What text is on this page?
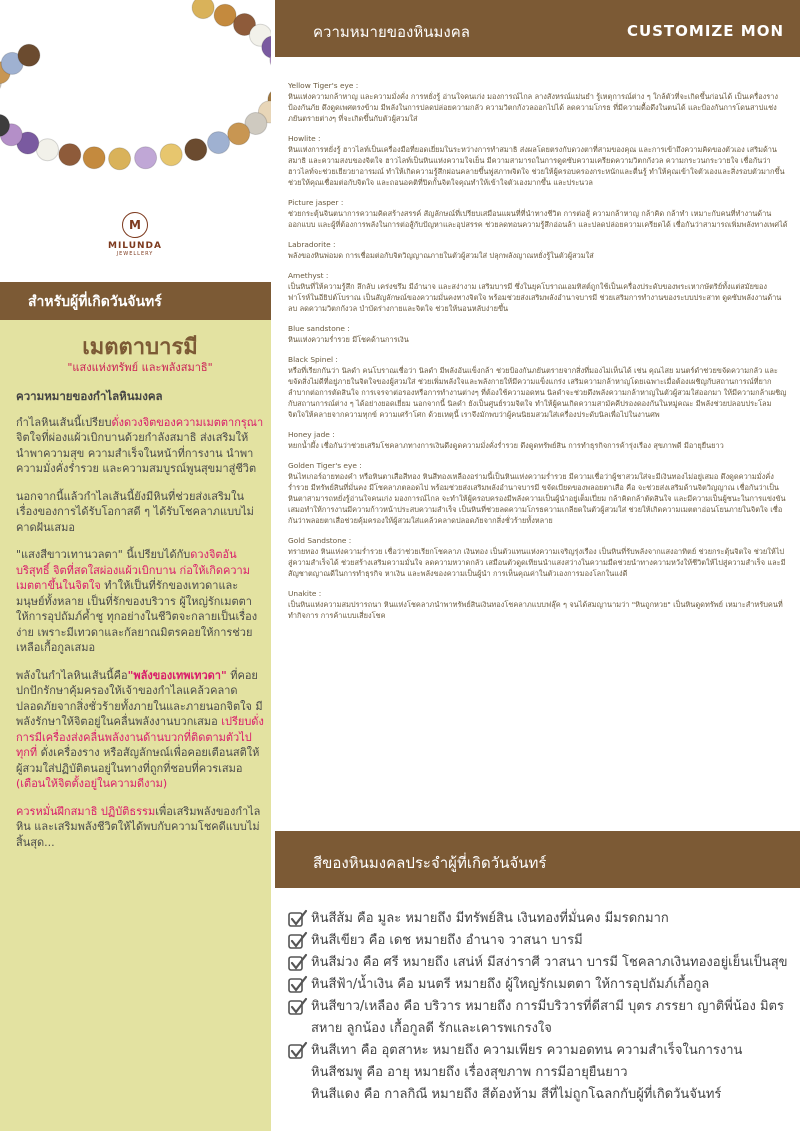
M
MILUNDA
JEWELLERY
ความหมายของหินมงคล	CUSTOMIZE MON
สำหรับผู้ที่เกิดวันจันทร์
เมตตาบารมี
"แสงแห่งทรัพย์ และพลังสมาธิ"
ความหมายของกำไลหินมงคล
กำไลหินเส้นนี้เปรียบดั่งดวงจิตของความเมตตากรุณา จิตใจที่ผ่องแผ้วเบิกบานด้วยกำลังสมาธิ ส่งเสริมให้นำพาความสุข ความสำเร็จในหน้าที่การงาน นำพาความมั่งคั่งร่ำรวย และความสมบูรณ์พูนสุขมาสู่ชีวิต
นอกจากนี้แล้วกำไลเส้นนี้ยังมีหินที่ช่วยส่งเสริมในเรื่องของการได้รับโอกาสดี ๆ ได้รับโชคลาภแบบไม่คาดฝันเสมอ
"แสงสีขาวเทานวลตา" นี้เปรียบได้กับดวงจิตอันบริสุทธิ์ จิตที่สดใสผ่องแผ้วเบิกบาน ก่อให้เกิดความเมตตาขึ้นในจิตใจ ทำให้เป็นที่รักของเทวดาและมนุษย์ทั้งหลาย เป็นที่รักของบริวาร ผู้ใหญ่รักเมตตา ให้การอุปถัมภ์ค้ำชู ทุกอย่างในชีวิตจะกลายเป็นเรื่องง่าย เพราะมีเทวดาและกัลยาณมิตรคอยให้การช่วยเหลือเกื้อกูลเสมอ
พลังในกำไลหินเส้นนี้คือ"พลังของเทพเทวดา" ที่คอยปกปักรักษาคุ้มครองให้เจ้าของกำไลแคล้วคลาดปลอดภัยจากสิ่งชั่วร้ายทั้งภายในและภายนอกจิตใจ มีพลังรักษาให้จิตอยู่ในคลื่นพลังงานบวกเสมอ เปรียบดั่งการมีเครื่องส่งคลื่นพลังงานด้านบวกที่ติดตามตัวไปทุกที่ ดั่งเครื่องราง หรือสัญลักษณ์เพื่อคอยเตือนสติให้ผู้สวมใส่ปฏิบัติตนอยู่ในทางที่ถูกที่ชอบที่ควรเสมอ
(เตือนให้จิตตั้งอยู่ในความดีงาม)
ควรหมั่นฝึกสมาธิ ปฏิบัติธรรมเพื่อเสริมพลังของกำไลหิน และเสริมพลังชีวิตให้ได้พบกับความโชคดีแบบไม่สิ้นสุด...
Yellow Tiger's eye :
หินแห่งความกล้าหาญ และความมั่งคั่ง การหยั่งรู้ อ่านใจคนเก่ง มองการณ์ไกล ลางสังหรณ์แม่นยำ รู้เหตุการณ์ต่าง ๆ ใกล้ตัวที่จะเกิดขึ้นก่อนได้ เป็นเครื่องรางป้องกันภัย ดึงดูดเพศตรงข้าม มีพลังในการปลดปล่อยความกลัว ความวิตกกังวลออกไปได้ ลดความโกรธ ที่มีความดื้อดึงในตนได้ และป้องกันการโดนสาปแช่ง ภยันตรายต่างๆ ที่จะเกิดขึ้นกับตัวผู้สวมใส่
Howlite :
หินแห่งการหยั่งรู้ ฮาวไลท์เป็นเครื่องมือที่ยอดเยี่ยมในระหว่างการทำสมาธิ ส่งผลโดยตรงกับดวงตาที่สามของคุณ และการเข้าถึงความคิดของตัวเอง เสริมด้านสมาธิ และความสงบของจิตใจ ฮาวไลท์เป็นหินแห่งความใจเย็น มีความสามารถในการดูดซับความเครียดความวิตกกังวล ความกระวนกระวายใจ เชื่อกันว่าฮาวไลท์จะช่วยเยียวยาอารมณ์ ทำให้เกิดความรู้สึกผ่อนคลายขึ้นฟูสภาพจิตใจ ช่วยให้ผู้ครอบครองกระหนักและตื่นรู้ ทำให้คุณเข้าใจตัวเองและสิ่งรอบตัวมากขึ้น ช่วยให้คุณเชื่อมต่อกับจิตใจ และถอนอคติที่ปิดกั้นจิตใจคุณทำให้เข้าใจตัวเองมากขึ้น และประนวล
Picture jasper :
ช่วยกระตุ้นจินตนาการความคิดสร้างสรรค์ สัญลักษณ์ที่เปรียบเสมือนแผนที่ที่นำทางชีวิต การต่อสู้ ความกล้าหาญ กล้าคิด กล้าทำ เหมาะกับคนที่ทำงานด้านออกแบบ และผู้ที่ต้องการพลังในการต่อสู้กับปัญหาและอุปสรรค ช่วยลดทอนความรู้สึกอ่อนล้า และปลดปล่อยความเครียดได้ เชื่อกันว่าสามารถเพิ่มพลังทางเพศได้
Labradorite :
พลังของหินพ่อมด การเชื่อมต่อกับจิตวิญญาณภายในตัวผู้สวมใส่ ปลุกพลังญาณหยั่งรู้ในตัวผู้สวมใส่
Amethyst :
เป็นหินที่ให้ความรู้สึก ลึกลับ เคร่งขรึม มีอำนาจ และสง่างาม เสริมบารมี ซึ่งในยุคโบราณเอมทิสต์ถูกใช้เป็นเครื่องประดับของพระเหากษัตริย์ทั้งแต่สมัยของฟาโรห์ในอียิปต์โบราณ เป็นสัญลักษณ์ของความมั่นคงทางจิตใจ พร้อมช่วยส่งเสริมพลังอำนาจบารมี ช่วยเสริมการทำงานของระบบประสาท ดูดซับพลังงานด้านลบ ลดความวิตกกังวล บำบัดร่างกายและจิตใจ ช่วยให้นอนหลับง่ายขึ้น
Blue sandstone :
หินแห่งความร่ำรวย มีโชคด้านการเงิน
Black Spinel :
หรือที่เรียกกันว่า นิลดำ คนโบราณเชื่อว่า นิลดำ มีพลังอันแข็งกล้า ช่วยป้องกันภยันตรายจากสิ่งที่มองไม่เห็นได้ เช่น คุณไสย มนตร์ดำช่วยขจัดความกลัว และขจัดสิ่งไม่ดีที่อยู่ภายในจิตใจของผู้สวมใส่ ช่วยเพิ่มพลังใจและพลังกายให้มีความแข็งแกร่ง เสริมความกล้าหาญโดยเฉพาะเมื่อต้องเผชิญกับสถานการณ์ที่ยากลำบากต่อการตัดสินใจ การเจรจาต่อรองหรือการทำงานต่างๆ ที่ต้องใช้ความอดทน นิลดำจะช่วยดึงพลังความกล้าหาญในตัวผู้สวมใส่ออกมา ให้มีความกล้าเผชิญกับสถานการณ์ต่าง ๆ ได้อย่างยอดเยี่ยม นอกจากนี้ นิลดำ ยังเป็นศูนย์รวมจิตใจ ทำให้ผู้คนเกิดความสามัคคีปรองดองกันในหมู่คณะ มีพลังช่วยปลอบประโลมจิตใจให้คลายจากความทุกข์ ความเศร้าโศก ด้วยเหตุนี้ เราจึงมักพบว่าผู้คนนิยมสวมใส่เครื่องประดับนิลเพื่อไปในงานศพ
Honey jade :
หยกน้ำผึ้ง เชื่อกันว่าช่วยเสริมโชคลาภทางการเงินดึงดูดความมั่งคั่งร่ำรวย ดึงดูดทรัพย์สิน การทำธุรกิจการค้ารุ่งเรือง สุขภาพดี มีอายุยืนยาว
Golden Tiger's eye :
หินไทเกอร์อายทองคำ หรือหินตาเสือสีทอง หินสีทองเหลืองอร่ามนี้เป็นหินแห่งความร่ำรวย มีความเชื่อว่าผู้ชาสวมใส่จะมีเงินทองไม่อยู่เสมอ ดึงดูดความมั่งคั่งร่ำรวย มีทรัพย์สินที่มั่นคง มีโชคลาภตลอดไป พร้อมช่วยส่งเสริมพลังอำนาจบารมี ขจัดเบียดของพลอยตาเสือ คือ จะช่วยส่งเสริมด้านจิตวิญญาณ เชื่อกันว่าเป็นหินตาสามารถหยั่งรู้อ่านใจคนเก่ง มองการณ์ไกล จะทำให้ผู้ครอบครองมีพลังความเป็นผู้นำอยู่เต็มเปี่ยม กล้าคิดกล้าตัดสินใจ และมีความเป็นผู้ชนะในการแข่งขันเสมอทำให้การงานมีความก้าวหน้าประสบความสำเร็จ เป็นหินที่ช่วยลดความโกรธความเกลียดในตัวผู้สวมใส่ ช่วยให้เกิดความเมตตาอ่อนโยนภายในจิตใจ เชื่อกันว่าพลอยตาเสือช่วยคุ้มครองให้ผู้สวมใส่แคล้วคลาดปลอดภัยจากสิ่งชั่วร้ายทั้งหลาย
Gold Sandstone :
ทรายทอง หินแห่งความร่ำรวย เชื่อว่าช่วยเรียกโชคลาภ เงินทอง เป็นตัวแทนแห่งความเจริญรุ่งเรือง เป็นหินที่รับพลังจากแสงอาทิตย์ ช่วยกระตุ้นจิตใจ ช่วยให้ไปสู่ความสำเร็จได้ ช่วยสร้างเสริมความมั่นใจ ลดความหวาดกลัว เสมือนตัวดูดเทียนนำแสงสว่างในความมืดช่วยนำทางความหวังให้ชีวิตให้ไปสู่ความสำเร็จ และมีสัญชาตญาณดีในการทำธุรกิจ หาเงิน และพลังของความเป็นผู้นำ การเห็นคุณค่าในตัวเองการมองโลกในแง่ดี
Unakite :
เป็นหินแห่งความสมปรารถนา หินแห่งโชคลาภนำพาทรัพย์สินเงินทองโชคลาภแบบฟลุ๊ค ๆ จนได้สมญานามว่า "หินถูกหวย" เป็นหินดูดทรัพย์ เหมาะสำหรับคนที่ทำกิจการ การค้าแบบเสี่ยงโชค
สีของหินมงคลประจำผู้ที่เกิดวันจันทร์
หินสีส้ม คือ มูละ หมายถึง มีทรัพย์สิน เงินทองที่มั่นคง มีมรดกมาก
หินสีเขียว คือ เดช หมายถึง อำนาจ วาสนา บารมี
หินสีม่วง คือ ศรี หมายถึง เสน่ห์ มีสง่าราศี วาสนา บารมี โชคลาภเงินทองอยู่เย็นเป็นสุข
หินสีฟ้า/น้ำเงิน คือ มนตรี หมายถึง ผู้ใหญ่รักเมตตา ให้การอุปถัมภ์เกื้อกูล
หินสีขาว/เหลือง คือ บริวาร หมายถึง การมีบริวารที่ดีสามี บุตร ภรรยา ญาติพี่น้อง มิตรสหาย ลูกน้อง เกื้อกูลดี รักและเคารพเกรงใจ
หินสีเทา คือ อุตสาหะ หมายถึง ความเพียร ความอดทน ความสำเร็จในการงาน
หินสีชมพู คือ อายุ หมายถึง เรื่องสุขภาพ การมีอายุยืนยาว
หินสีแดง คือ กาลกิณี หมายถึง สีต้องห้าม สีที่ไม่ถูกโฉลกกับผู้ที่เกิดวันจันทร์
